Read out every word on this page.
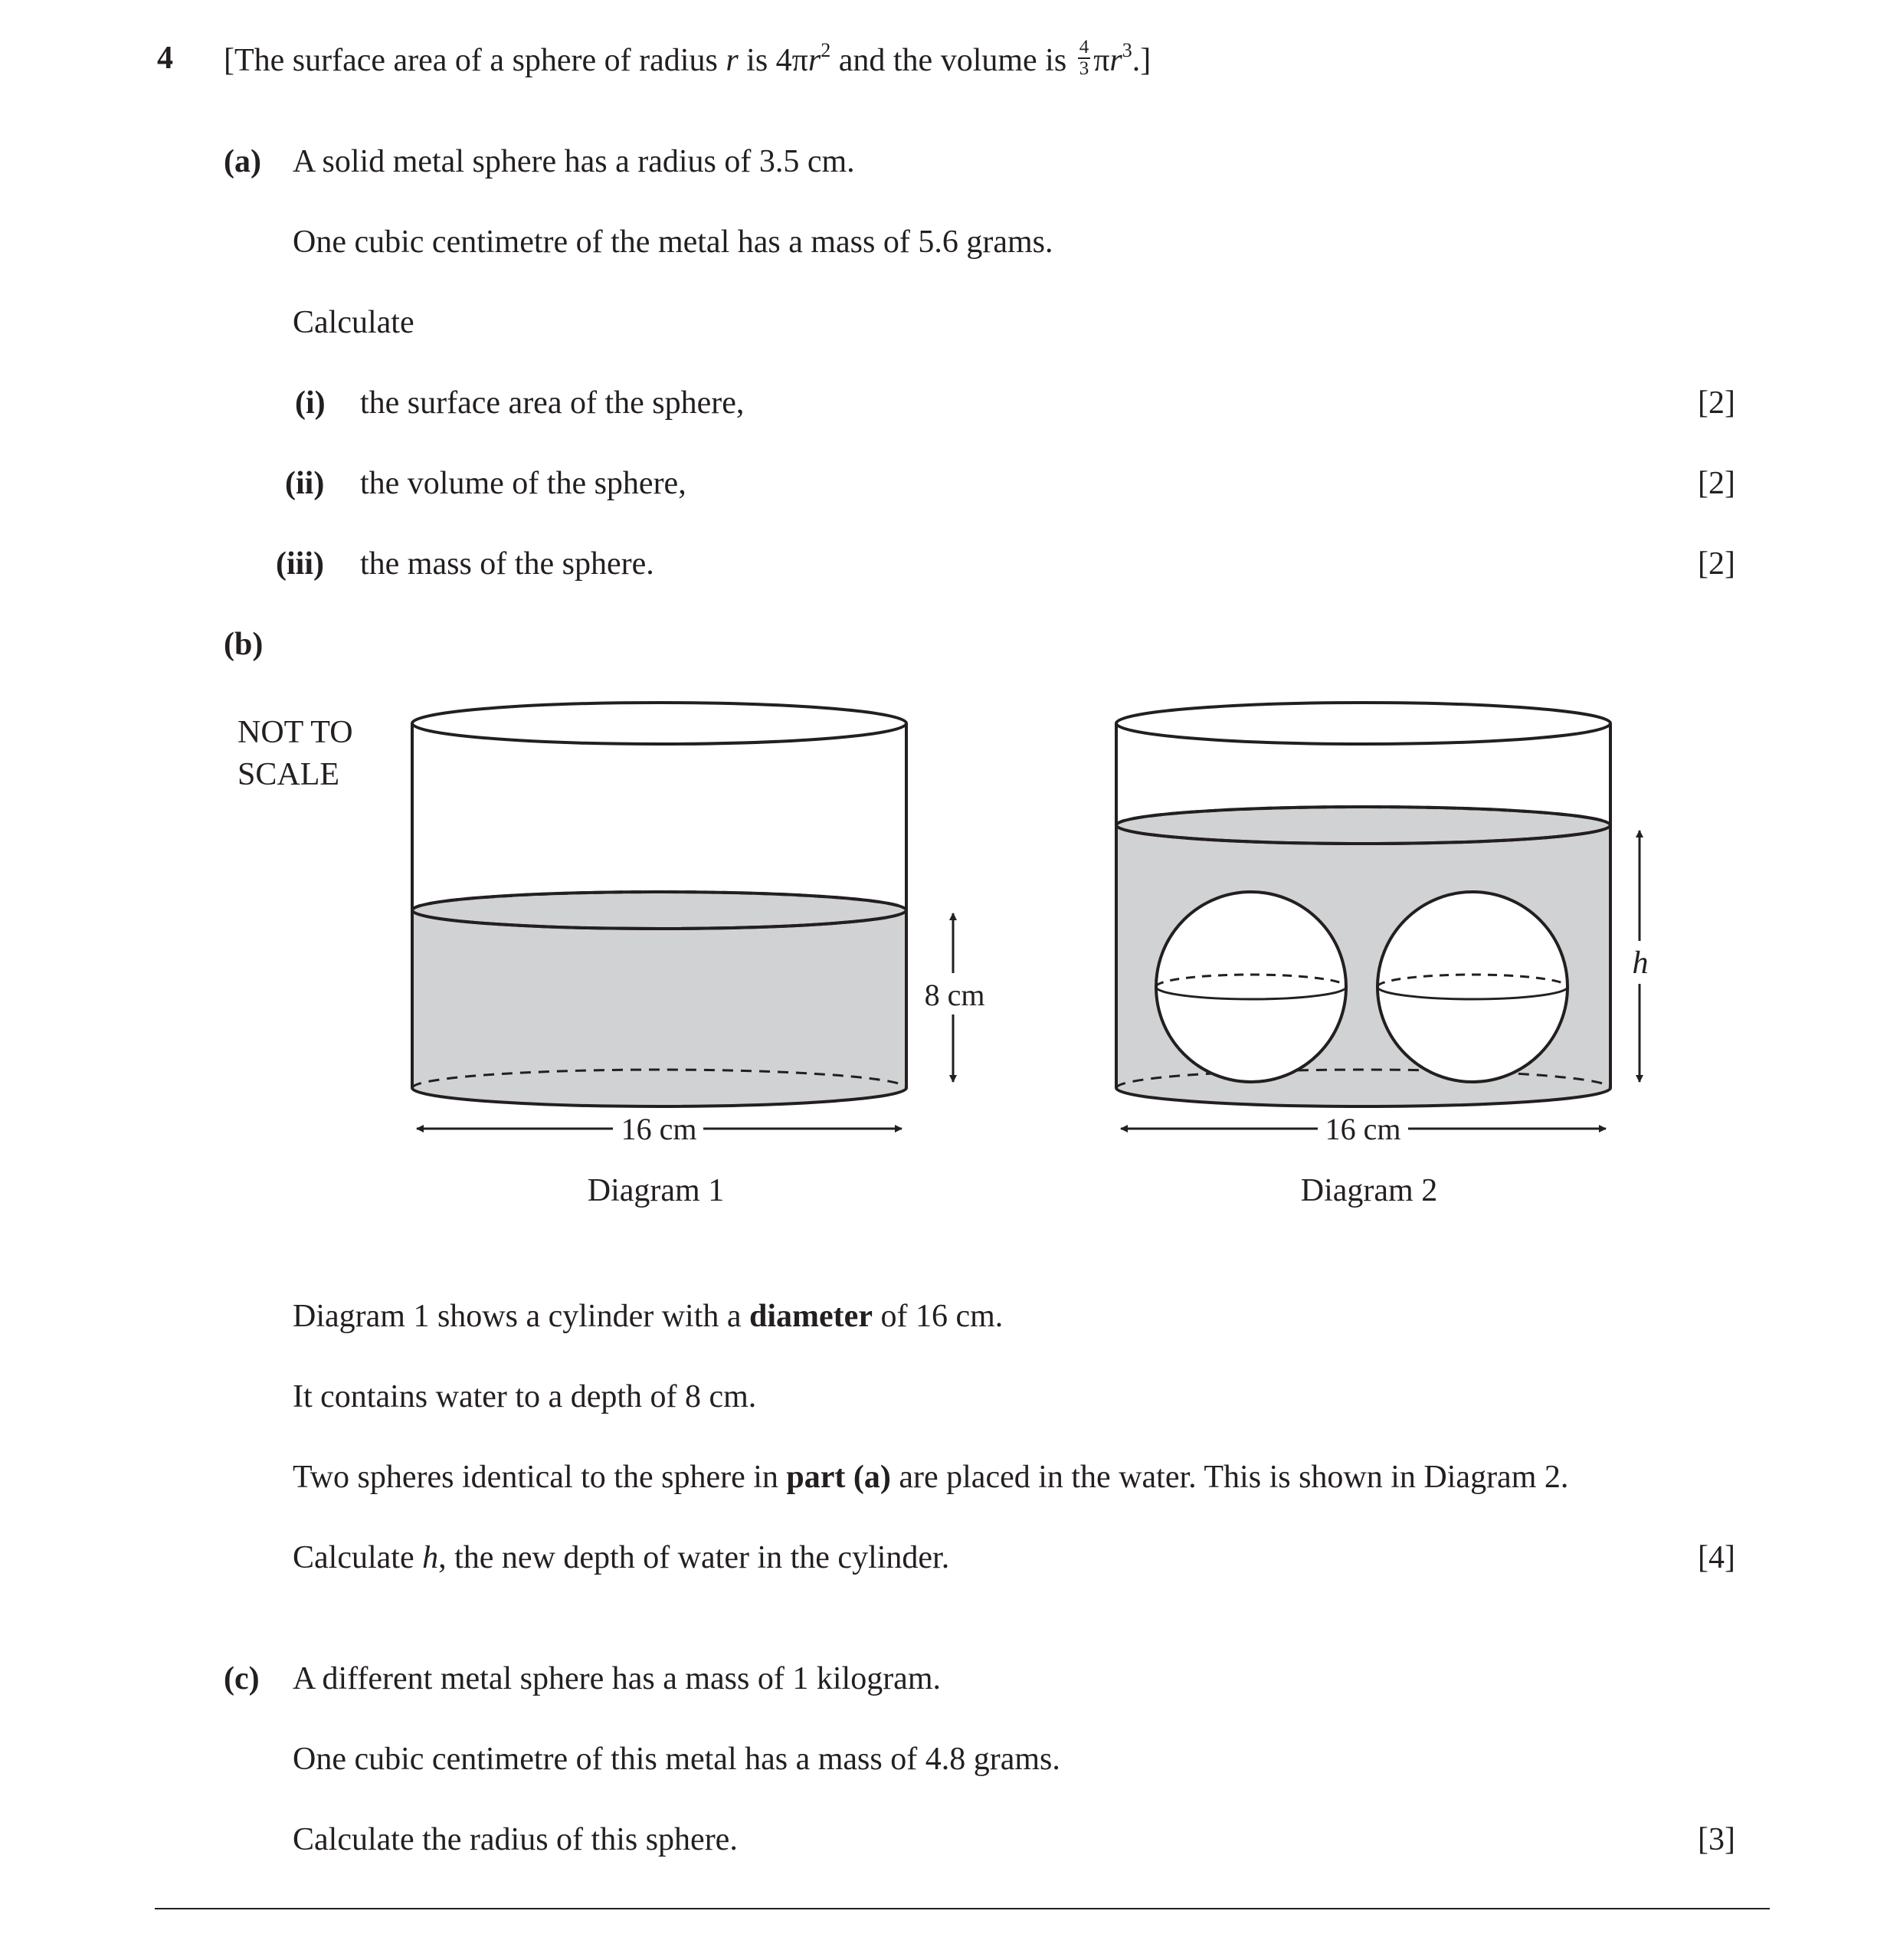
4 [The surface area of a sphere of radius r is $4\pi r^2$ and the volume is $\frac{4}{3} \pi r^3$.]
(a) A solid metal sphere has a radius of 3.5 cm.
One cubic centimetre of the metal has a mass of 5.6 grams.
Calculate
(i) the surface area of the sphere,	[2]
(ii) the volume of the sphere,	[2]
(iii) the mass of the sphere.	[2]
(b)
NOT TO
SCALE
8 cm
16 cm
Diagram 1
h
16 cm
Diagram 2
Diagram 1 shows a cylinder with a diameter of 16 cm.
It contains water to a depth of 8 cm.
Two spheres identical to the sphere in part (a) are placed in the water. This is shown in Diagram 2.
Calculate h, the new depth of water in the cylinder.	[4]
(c) A different metal sphere has a mass of 1 kilogram.
One cubic centimetre of this metal has a mass of 4.8 grams.
Calculate the radius of this sphere.	[3]
